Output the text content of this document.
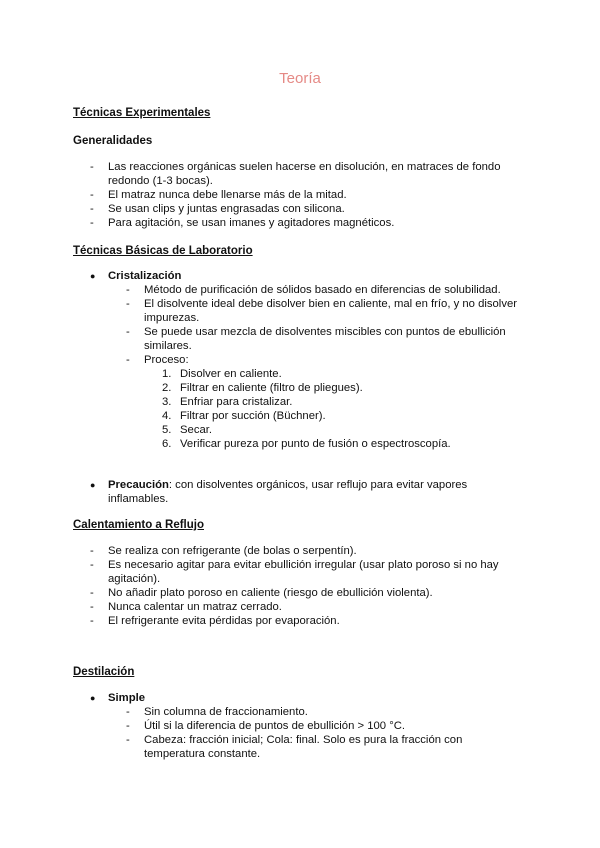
Teoría
Técnicas Experimentales
Generalidades
- Las reacciones orgánicas suelen hacerse en disolución, en matraces de fondo redondo (1-3 bocas).
- El matraz nunca debe llenarse más de la mitad.
- Se usan clips y juntas engrasadas con silicona.
- Para agitación, se usan imanes y agitadores magnéticos.
Técnicas Básicas de Laboratorio
● Cristalización
- Método de purificación de sólidos basado en diferencias de solubilidad.
- El disolvente ideal debe disolver bien en caliente, mal en frío, y no disolver impurezas.
- Se puede usar mezcla de disolventes miscibles con puntos de ebullición similares.
- Proceso:
1. Disolver en caliente.
2. Filtrar en caliente (filtro de pliegues).
3. Enfriar para cristalizar.
4. Filtrar por succión (Büchner).
5. Secar.
6. Verificar pureza por punto de fusión o espectroscopía.
● Precaución: con disolventes orgánicos, usar reflujo para evitar vapores inflamables.
Calentamiento a Reflujo
- Se realiza con refrigerante (de bolas o serpentín).
- Es necesario agitar para evitar ebullición irregular (usar plato poroso si no hay agitación).
- No añadir plato poroso en caliente (riesgo de ebullición violenta).
- Nunca calentar un matraz cerrado.
- El refrigerante evita pérdidas por evaporación.
Destilación
● Simple
- Sin columna de fraccionamiento.
- Útil si la diferencia de puntos de ebullición > 100 °C.
- Cabeza: fracción inicial; Cola: final. Solo es pura la fracción con temperatura constante.
